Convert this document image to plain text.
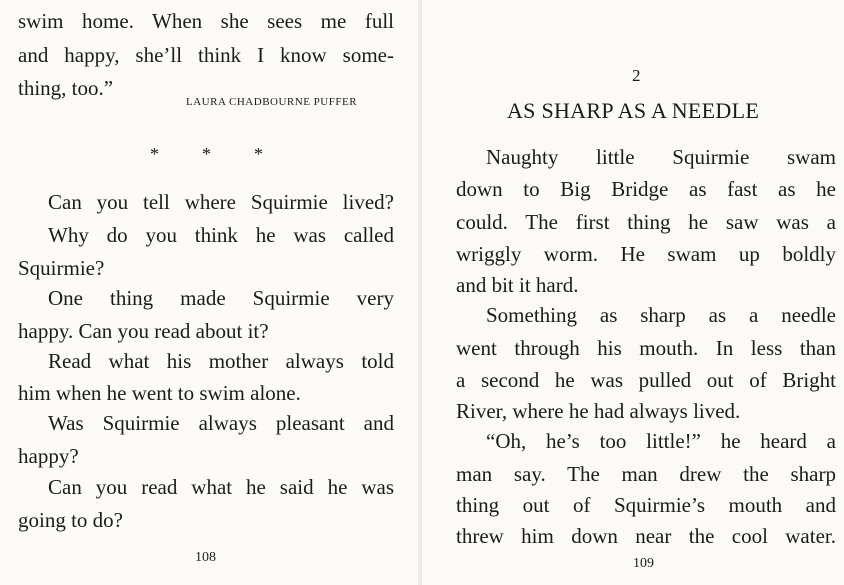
swim home. When she sees me full
and happy, she’ll think I know some-
thing, too.”
LAURA CHADBOURNE PUFFER
* * *
Can you tell where Squirmie lived?
Why do you think he was called
Squirmie?
One thing made Squirmie very
happy. Can you read about it?
Read what his mother always told
him when he went to swim alone.
Was Squirmie always pleasant and
happy?
Can you read what he said he was
going to do?
108
2
AS SHARP AS A NEEDLE
Naughty little Squirmie swam
down to Big Bridge as fast as he
could. The first thing he saw was a
wriggly worm. He swam up boldly
and bit it hard.
Something as sharp as a needle
went through his mouth. In less than
a second he was pulled out of Bright
River, where he had always lived.
“Oh, he’s too little!” he heard a
man say. The man drew the sharp
thing out of Squirmie’s mouth and
threw him down near the cool water.
109
